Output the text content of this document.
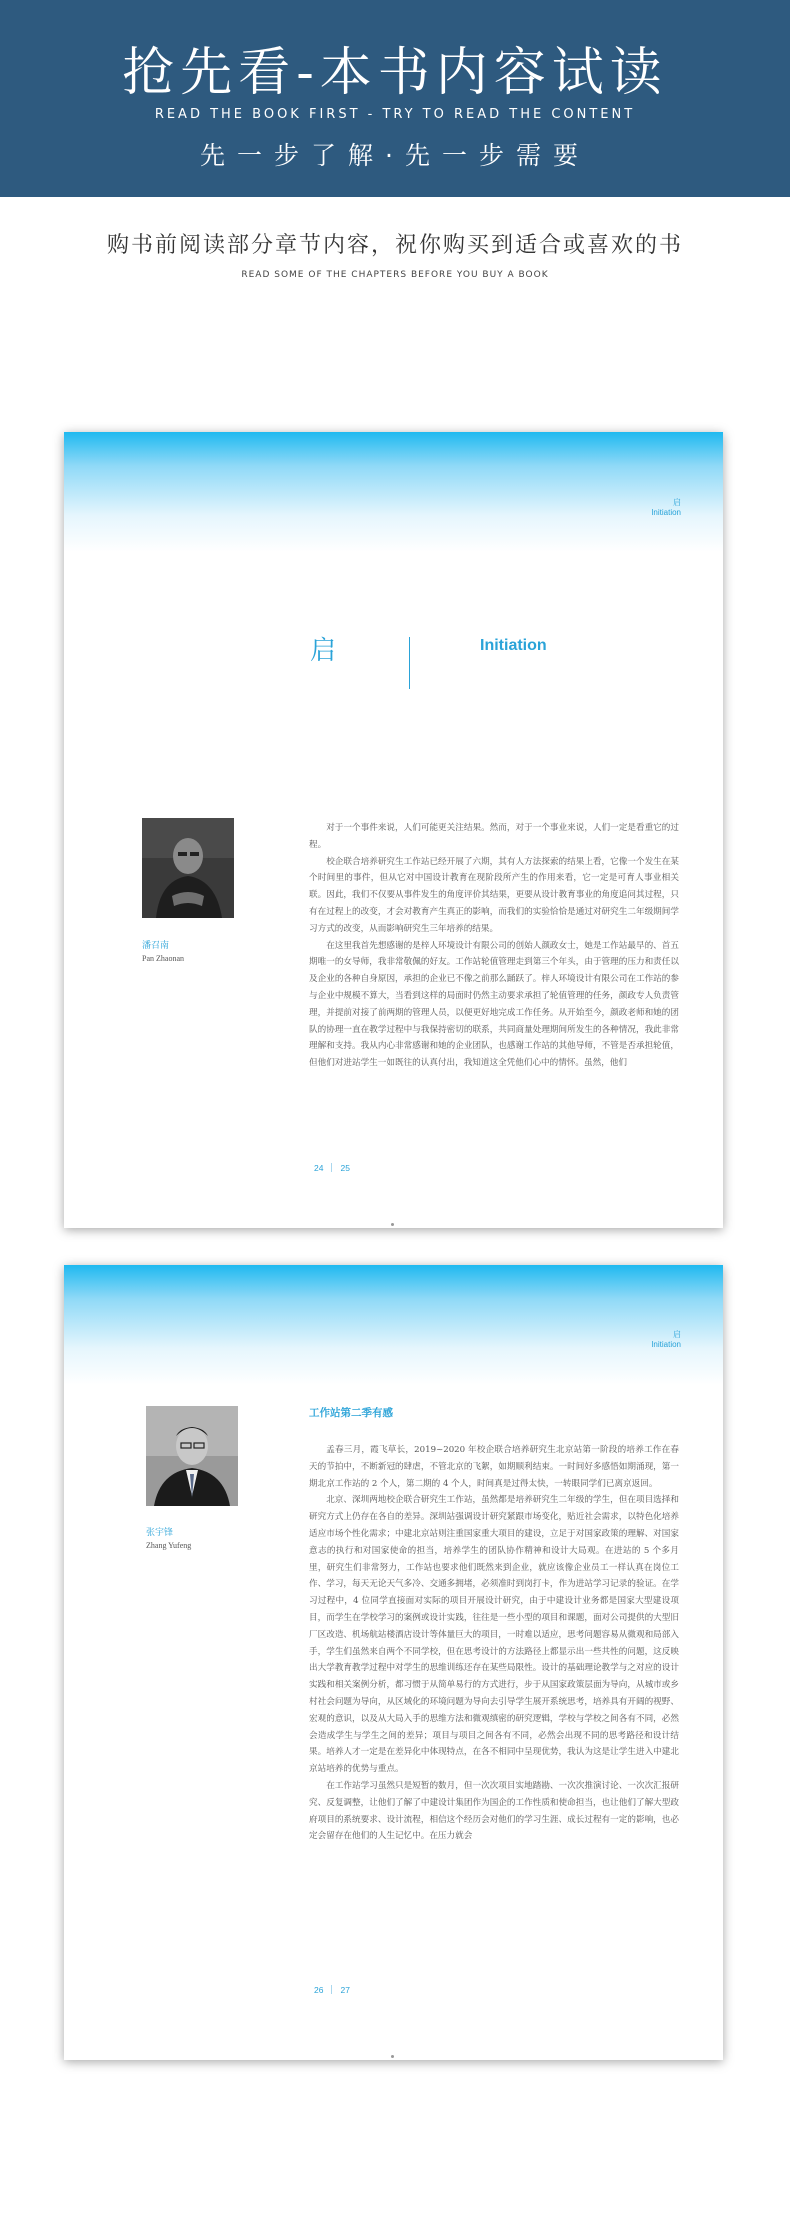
抢先看-本书内容试读
READ THE BOOK FIRST - TRY TO READ THE CONTENT
先一步了解·先一步需要
购书前阅读部分章节内容，祝你购买到适合或喜欢的书
READ SOME OF THE CHAPTERS BEFORE YOU BUY A BOOK
启
Initiation
启	Initiation
潘召南
Pan Zhaonan

对于一个事件来说，人们可能更关注结果。然而，对于一个事业来说，人们一定是看重它的过程。

校企联合培养研究生工作站已经开展了六期，其有人方法探索的结果上看，它像一个发生在某个时间里的事件，但从它对中国设计教育在现阶段所产生的作用来看，它一定是可育人事业相关联。因此，我们不仅要从事件发生的角度评价其结果，更要从设计教育事业的角度追问其过程，只有在过程上的改变，才会对教育产生真正的影响，而我们的实验恰恰是通过对研究生二年级期间学习方式的改变，从而影响研究生三年培养的结果。

在这里我首先想感谢的是梓人环境设计有限公司的创始人颜政女士，她是工作站最早的、首五期唯一的女导师，我非常敬佩的好友。工作站轮值管理走到第三个年头，由于管理的压力和责任以及企业的各种自身原因，承担的企业已不像之前那么踊跃了。梓人环境设计有限公司在工作站的参与企业中规模不算大，当看到这样的局面时仍然主动要求承担了轮值管理的任务，颜政专人负责管理，并提前对接了前两期的管理人员，以便更好地完成工作任务。从开始至今，颜政老师和她的团队的协理一直在教学过程中与我保持密切的联系，共同商量处理期间所发生的各种情况，我此非常理解和支持。我从内心非常感谢和她的企业团队，也感谢工作站的其他导师，不管是否承担轮值，但他们对进站学生一如既往的认真付出，我知道这全凭他们心中的情怀。虽然，他们

24 25
启
Initiation
工作站第二季有感
张宇锋
Zhang Yufeng

孟春三月，霞飞草长，2019~2020 年校企联合培养研究生北京站第一阶段的培养工作在春天的节拍中，不断新冠的肆虐，不管北京的飞絮，如期顺利结束。一时间好多感悟如期涌现，第一期北京工作站的 2 个人，第二期的 4 个人，时间真是过得太快，一转眼同学们已离京返回。

北京、深圳两地校企联合研究生工作站，虽然都是培养研究生二年级的学生，但在项目选择和研究方式上仍存在各自的差异。深圳站强调设计研究紧跟市场变化，贴近社会需求，以特色化培养适应市场个性化需求；中建北京站则注重国家重大项目的建设，立足于对国家政策的理解、对国家意志的执行和对国家使命的担当，培养学生的团队协作精神和设计大局观。在进站的 5 个多月里，研究生们非常努力，工作站也要求他们既然来到企业，就应该像企业员工一样认真在岗位工作、学习，每天无论天气多冷、交通多拥堵，必须准时到岗打卡，作为进站学习记录的验证。在学习过程中，4 位同学直接面对实际的项目开展设计研究，由于中建设计业务都是国家大型建设项目，而学生在学校学习的案例或设计实践，往往是一些小型的项目和课题，面对公司提供的大型旧厂区改造、机场航站楼酒店设计等体量巨大的项目，一时难以适应，思考问题容易从微观和局部入手，学生们虽然来自两个不同学校，但在思考设计的方法路径上都显示出一些共性的问题，这反映出大学教育教学过程中对学生的思维训练还存在某些局限性。设计的基础理论教学与之对应的设计实践和相关案例分析，都习惯于从简单易行的方式进行，步于从国家政策层面为导向，从城市或乡村社会问题为导向，从区域化的环境问题为导向去引导学生展开系统思考，培养具有开阔的视野、宏观的意识，以及从大局入手的思维方法和微观缜密的研究逻辑，学校与学校之间各有不同，必然会造成学生与学生之间的差异；项目与项目之间各有不同，必然会出现不同的思考路径和设计结果。培养人才一定是在差异化中体现特点，在各不相同中呈现优势，我认为这是让学生进入中建北京站培养的优势与重点。

在工作站学习虽然只是短暂的数月，但一次次项目实地踏勘、一次次推演讨论、一次次汇报研究、反复调整，让他们了解了中建设计集团作为国企的工作性质和使命担当，也让他们了解大型政府项目的系统要求、设计流程，相信这个经历会对他们的学习生涯、成长过程有一定的影响，也必定会留存在他们的人生记忆中。在压力就会

26 27
